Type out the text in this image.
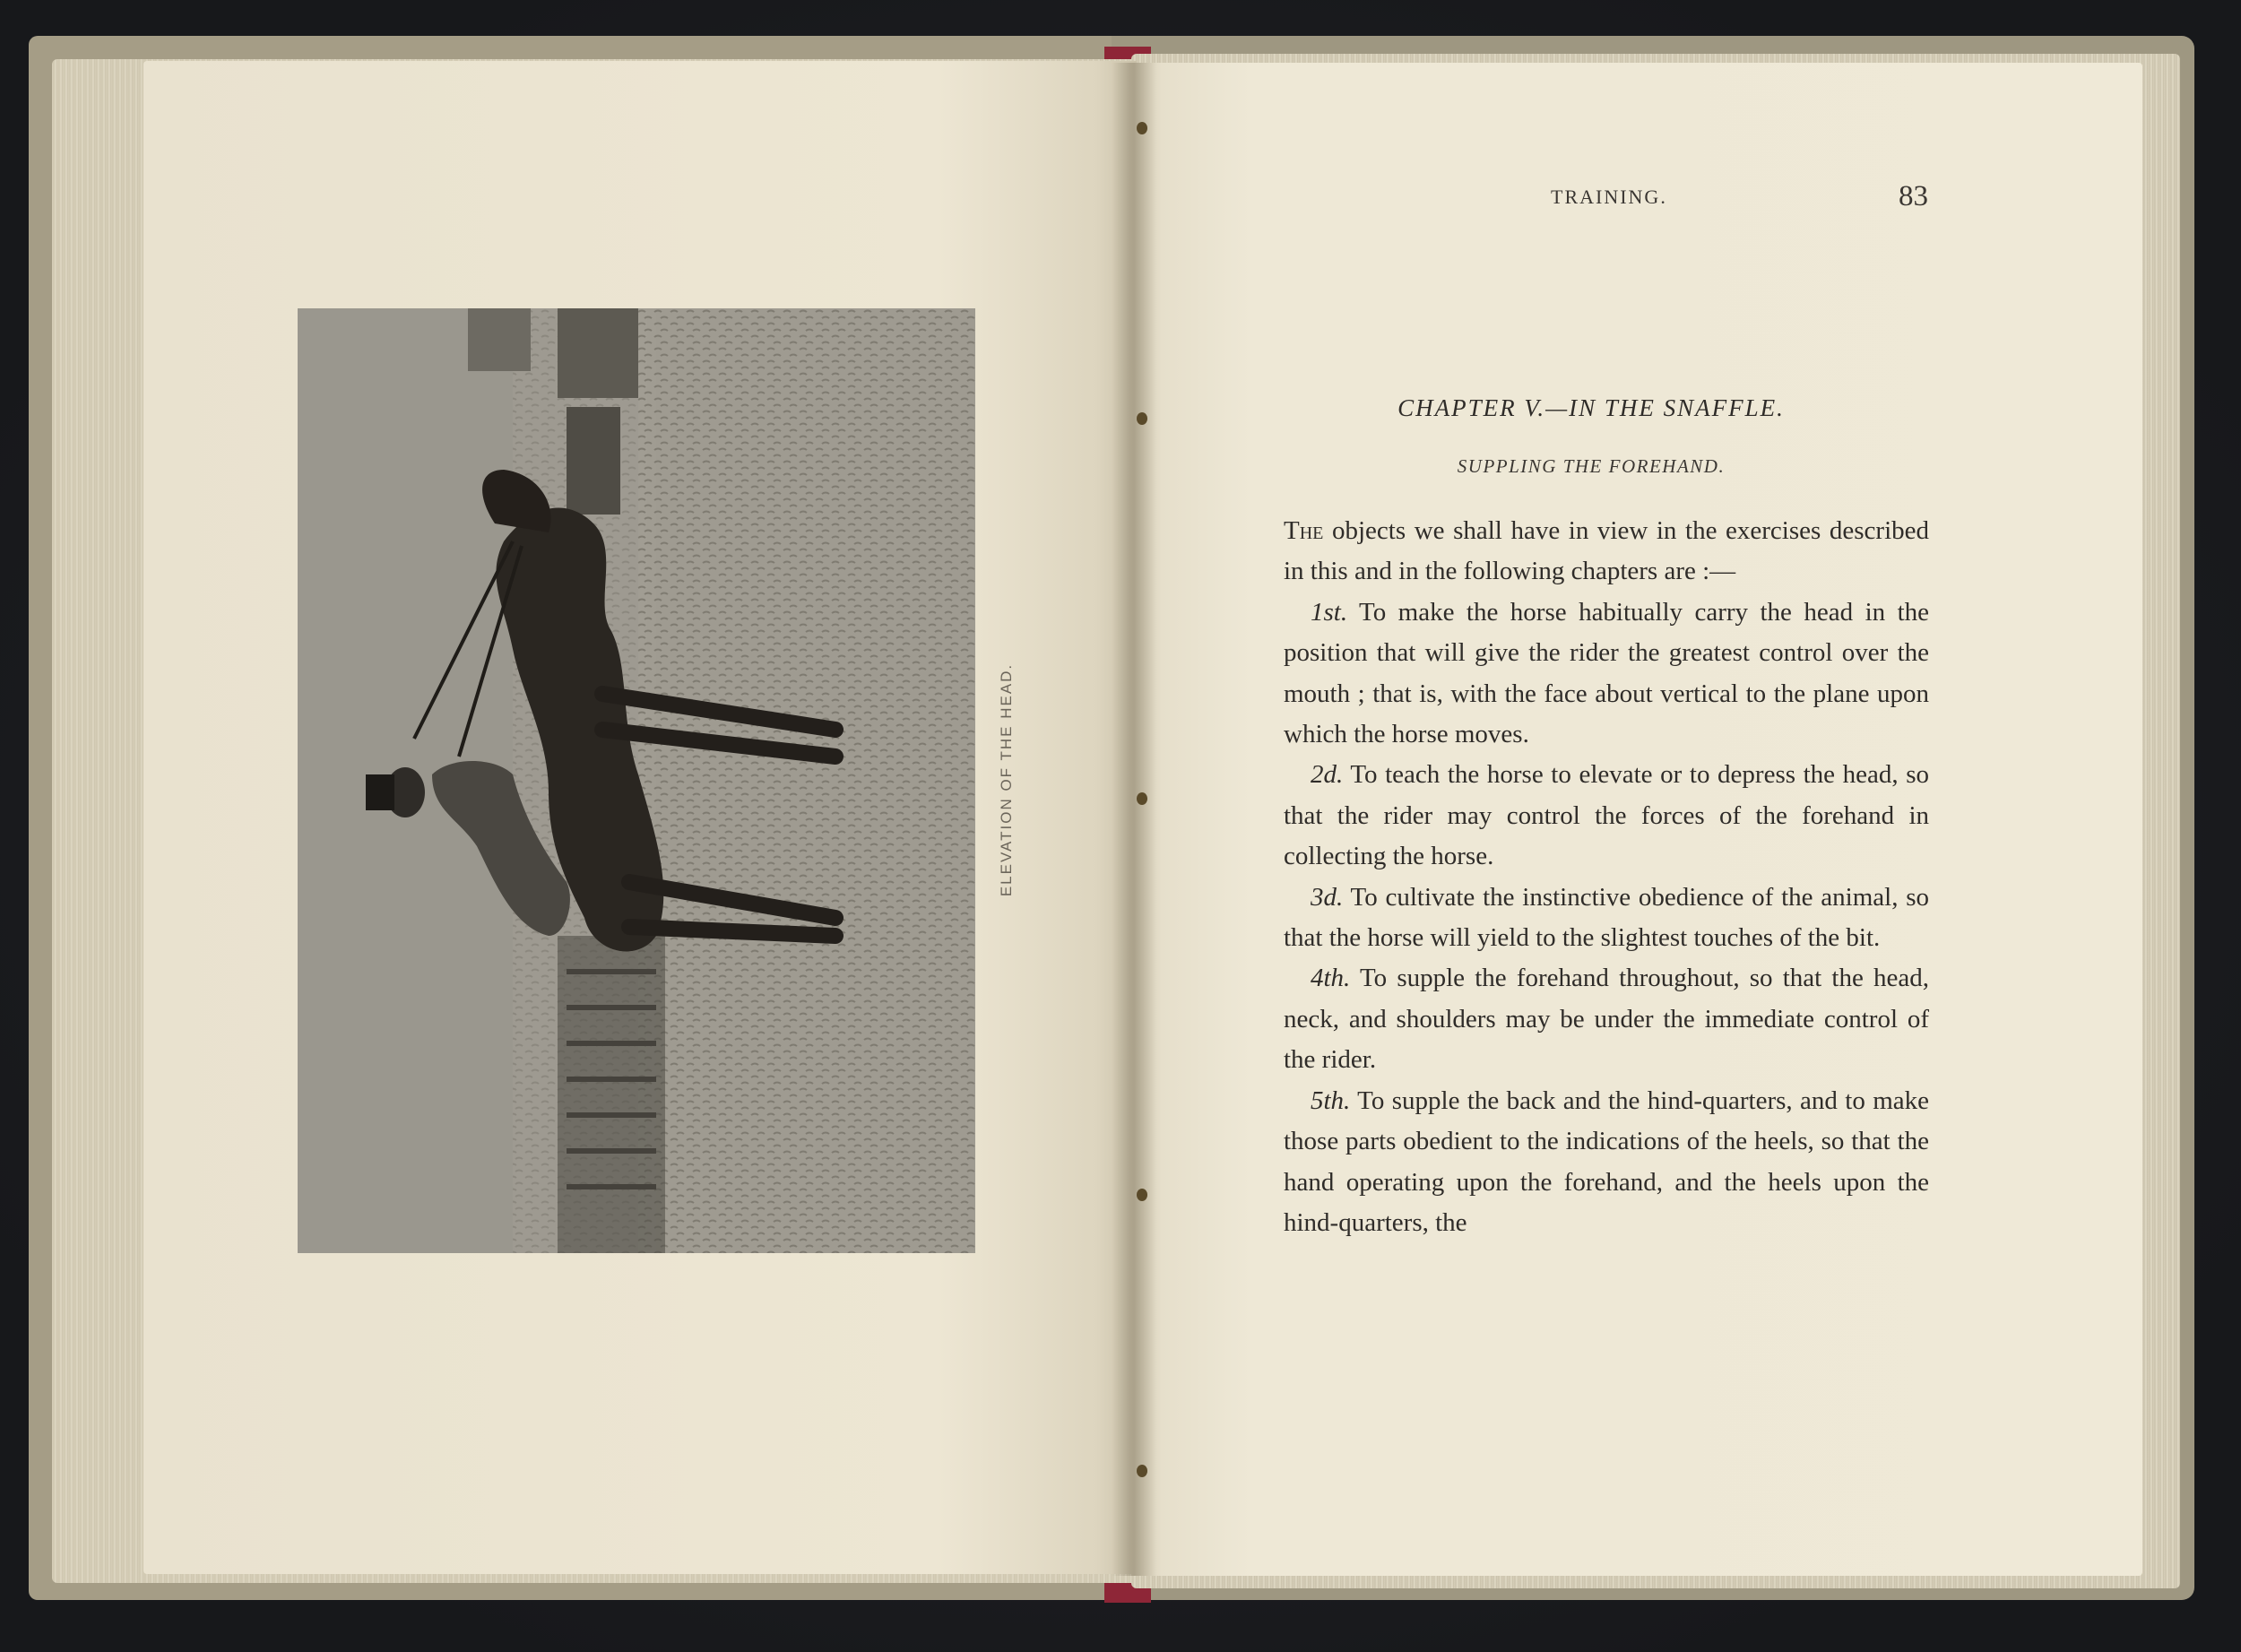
ELEVATION OF THE HEAD.
TRAINING.	83
CHAPTER V.—IN THE SNAFFLE.
SUPPLING THE FOREHAND.

The objects we shall have in view in the exercises described in this and in the following chapters are :—

1st. To make the horse habitually carry the head in the position that will give the rider the greatest control over the mouth ; that is, with the face about vertical to the plane upon which the horse moves.

2d. To teach the horse to elevate or to depress the head, so that the rider may control the forces of the forehand in collecting the horse.

3d. To cultivate the instinctive obedience of the animal, so that the horse will yield to the slightest touches of the bit.

4th. To supple the forehand throughout, so that the head, neck, and shoulders may be under the immediate control of the rider.

5th. To supple the back and the hind-quarters, and to make those parts obedient to the indications of the heels, so that the hand operating upon the forehand, and the heels upon the hind-quarters, the
